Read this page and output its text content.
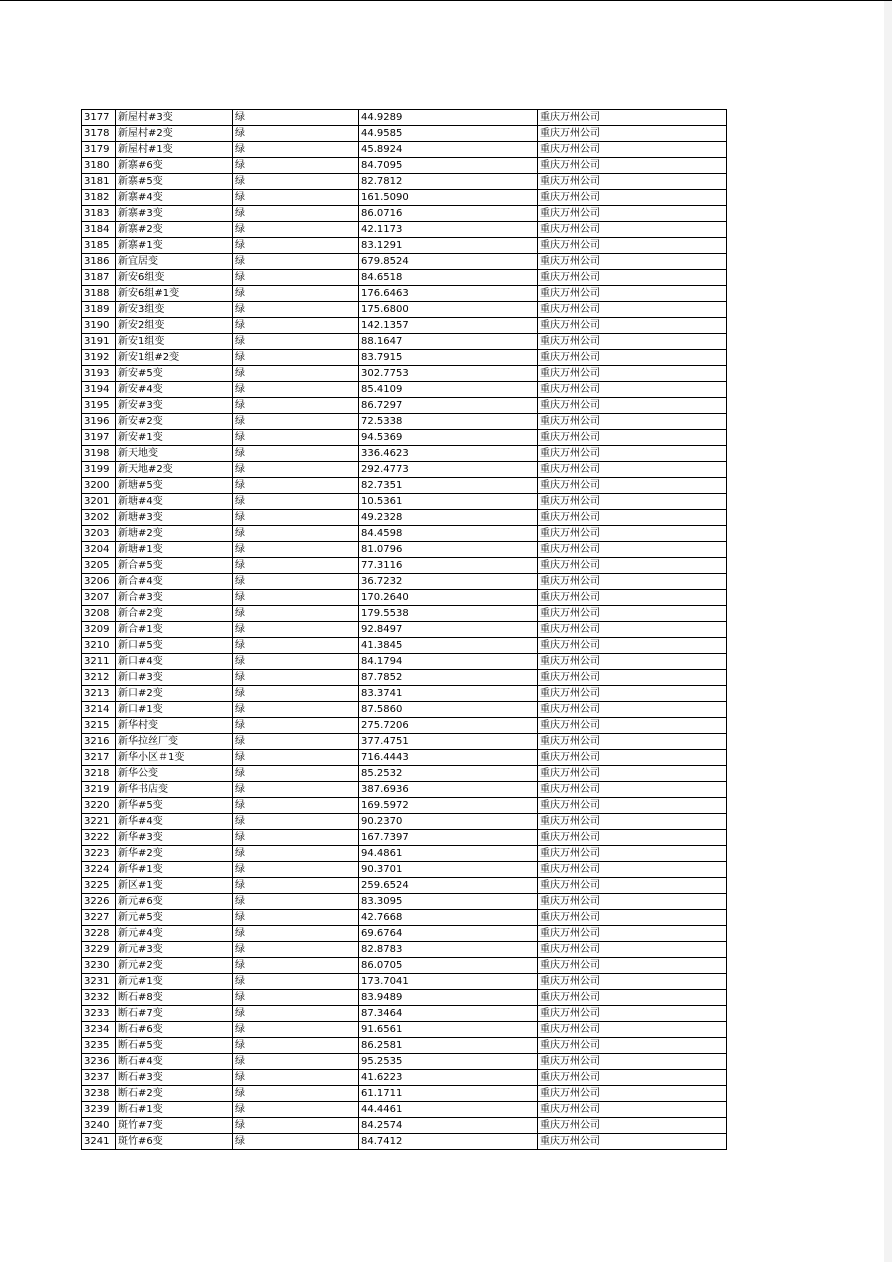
3177	新屋村#3变	绿	44.9289	重庆万州公司
3178	新屋村#2变	绿	44.9585	重庆万州公司
3179	新屋村#1变	绿	45.8924	重庆万州公司
3180	新寨#6变	绿	84.7095	重庆万州公司
3181	新寨#5变	绿	82.7812	重庆万州公司
3182	新寨#4变	绿	161.5090	重庆万州公司
3183	新寨#3变	绿	86.0716	重庆万州公司
3184	新寨#2变	绿	42.1173	重庆万州公司
3185	新寨#1变	绿	83.1291	重庆万州公司
3186	新宜居变	绿	679.8524	重庆万州公司
3187	新安6组变	绿	84.6518	重庆万州公司
3188	新安6组#1变	绿	176.6463	重庆万州公司
3189	新安3组变	绿	175.6800	重庆万州公司
3190	新安2组变	绿	142.1357	重庆万州公司
3191	新安1组变	绿	88.1647	重庆万州公司
3192	新安1组#2变	绿	83.7915	重庆万州公司
3193	新安#5变	绿	302.7753	重庆万州公司
3194	新安#4变	绿	85.4109	重庆万州公司
3195	新安#3变	绿	86.7297	重庆万州公司
3196	新安#2变	绿	72.5338	重庆万州公司
3197	新安#1变	绿	94.5369	重庆万州公司
3198	新天地变	绿	336.4623	重庆万州公司
3199	新天地#2变	绿	292.4773	重庆万州公司
3200	新塘#5变	绿	82.7351	重庆万州公司
3201	新塘#4变	绿	10.5361	重庆万州公司
3202	新塘#3变	绿	49.2328	重庆万州公司
3203	新塘#2变	绿	84.4598	重庆万州公司
3204	新塘#1变	绿	81.0796	重庆万州公司
3205	新合#5变	绿	77.3116	重庆万州公司
3206	新合#4变	绿	36.7232	重庆万州公司
3207	新合#3变	绿	170.2640	重庆万州公司
3208	新合#2变	绿	179.5538	重庆万州公司
3209	新合#1变	绿	92.8497	重庆万州公司
3210	新口#5变	绿	41.3845	重庆万州公司
3211	新口#4变	绿	84.1794	重庆万州公司
3212	新口#3变	绿	87.7852	重庆万州公司
3213	新口#2变	绿	83.3741	重庆万州公司
3214	新口#1变	绿	87.5860	重庆万州公司
3215	新华村变	绿	275.7206	重庆万州公司
3216	新华拉丝厂变	绿	377.4751	重庆万州公司
3217	新华小区＃1变	绿	716.4443	重庆万州公司
3218	新华公变	绿	85.2532	重庆万州公司
3219	新华书店变	绿	387.6936	重庆万州公司
3220	新华#5变	绿	169.5972	重庆万州公司
3221	新华#4变	绿	90.2370	重庆万州公司
3222	新华#3变	绿	167.7397	重庆万州公司
3223	新华#2变	绿	94.4861	重庆万州公司
3224	新华#1变	绿	90.3701	重庆万州公司
3225	新区#1变	绿	259.6524	重庆万州公司
3226	新元#6变	绿	83.3095	重庆万州公司
3227	新元#5变	绿	42.7668	重庆万州公司
3228	新元#4变	绿	69.6764	重庆万州公司
3229	新元#3变	绿	82.8783	重庆万州公司
3230	新元#2变	绿	86.0705	重庆万州公司
3231	新元#1变	绿	173.7041	重庆万州公司
3232	断石#8变	绿	83.9489	重庆万州公司
3233	断石#7变	绿	87.3464	重庆万州公司
3234	断石#6变	绿	91.6561	重庆万州公司
3235	断石#5变	绿	86.2581	重庆万州公司
3236	断石#4变	绿	95.2535	重庆万州公司
3237	断石#3变	绿	41.6223	重庆万州公司
3238	断石#2变	绿	61.1711	重庆万州公司
3239	断石#1变	绿	44.4461	重庆万州公司
3240	斑竹#7变	绿	84.2574	重庆万州公司
3241	斑竹#6变	绿	84.7412	重庆万州公司
